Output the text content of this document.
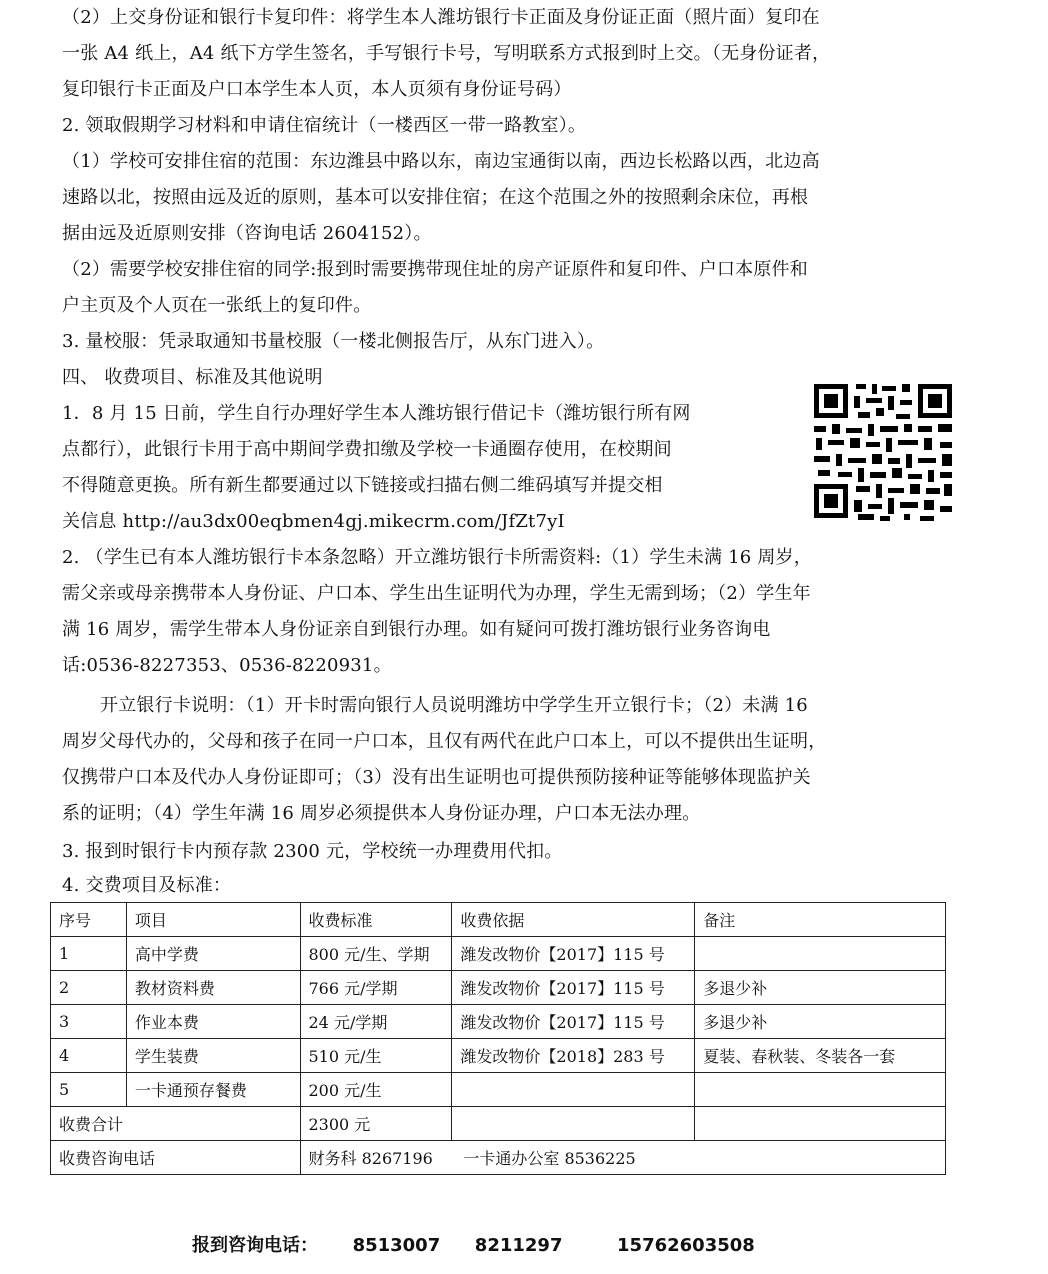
（2）上交身份证和银行卡复印件：将学生本人潍坊银行卡正面及身份证正面（照片面）复印在
一张 A4 纸上，A4 纸下方学生签名，手写银行卡号，写明联系方式报到时上交。（无身份证者，
复印银行卡正面及户口本学生本人页，本人页须有身份证号码）
2. 领取假期学习材料和申请住宿统计（一楼西区一带一路教室）。
（1）学校可安排住宿的范围：东边潍县中路以东，南边宝通街以南，西边长松路以西，北边高
速路以北，按照由远及近的原则，基本可以安排住宿；在这个范围之外的按照剩余床位，再根
据由远及近原则安排（咨询电话 2604152）。
（2）需要学校安排住宿的同学:报到时需要携带现住址的房产证原件和复印件、户口本原件和
户主页及个人页在一张纸上的复印件。
3. 量校服：凭录取通知书量校服（一楼北侧报告厅，从东门进入）。
四、 收费项目、标准及其他说明
1．8 月 15 日前，学生自行办理好学生本人潍坊银行借记卡（潍坊银行所有网
点都行），此银行卡用于高中期间学费扣缴及学校一卡通圈存使用，在校期间
不得随意更换。所有新生都要通过以下链接或扫描右侧二维码填写并提交相
关信息 http://au3dx00eqbmen4gj.mikecrm.com/JfZt7yI
2. （学生已有本人潍坊银行卡本条忽略）开立潍坊银行卡所需资料:（1）学生未满 16 周岁，
需父亲或母亲携带本人身份证、户口本、学生出生证明代为办理，学生无需到场；（2）学生年
满 16 周岁，需学生带本人身份证亲自到银行办理。如有疑问可拨打潍坊银行业务咨询电
话:0536-8227353、0536-8220931。
开立银行卡说明：（1）开卡时需向银行人员说明潍坊中学学生开立银行卡；（2）未满 16
周岁父母代办的，父母和孩子在同一户口本，且仅有两代在此户口本上，可以不提供出生证明，
仅携带户口本及代办人身份证即可；（3）没有出生证明也可提供预防接种证等能够体现监护关
系的证明；（4）学生年满 16 周岁必须提供本人身份证办理，户口本无法办理。
3. 报到时银行卡内预存款 2300 元，学校统一办理费用代扣。
4. 交费项目及标准：
序号	项目	收费标准	收费依据	备注
1	高中学费	800 元/生、学期	潍发改物价【2017】115 号	
2	教材资料费	766 元/学期	潍发改物价【2017】115 号	多退少补
3	作业本费	24 元/学期	潍发改物价【2017】115 号	多退少补
4	学生装费	510 元/生	潍发改物价【2018】283 号	夏装、春秋装、冬装各一套
5	一卡通预存餐费	200 元/生		
收费合计		2300 元		
收费咨询电话		财务科 8267196      一卡通办公室 8536225		
报到咨询电话： 8513007 8211297	15762603508
